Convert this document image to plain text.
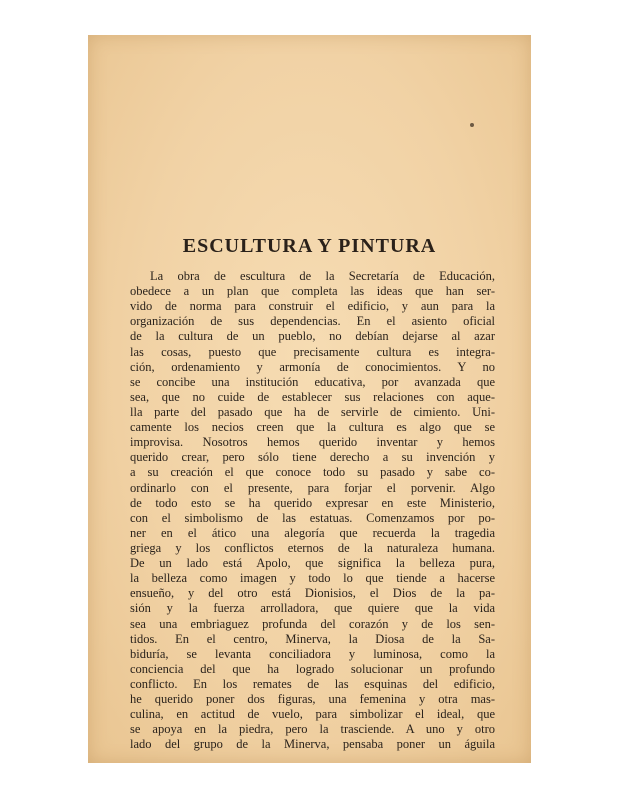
ESCULTURA Y PINTURA
La obra de escultura de la Secretaría de Educación,
obedece a un plan que completa las ideas que han ser-
vido de norma para construir el edificio, y aun para la
organización de sus dependencias. En el asiento oficial
de la cultura de un pueblo, no debían dejarse al azar
las cosas, puesto que precisamente cultura es integra-
ción, ordenamiento y armonía de conocimientos. Y no
se concibe una institución educativa, por avanzada que
sea, que no cuide de establecer sus relaciones con aque-
lla parte del pasado que ha de servirle de cimiento. Uni-
camente los necios creen que la cultura es algo que se
improvisa. Nosotros hemos querido inventar y hemos
querido crear, pero sólo tiene derecho a su invención y
a su creación el que conoce todo su pasado y sabe co-
ordinarlo con el presente, para forjar el porvenir. Algo
de todo esto se ha querido expresar en este Ministerio,
con el simbolismo de las estatuas. Comenzamos por po-
ner en el ático una alegoría que recuerda la tragedia
griega y los conflictos eternos de la naturaleza humana.
De un lado está Apolo, que significa la belleza pura,
la belleza como imagen y todo lo que tiende a hacerse
ensueño, y del otro está Dionisios, el Dios de la pa-
sión y la fuerza arrolladora, que quiere que la vida
sea una embriaguez profunda del corazón y de los sen-
tidos. En el centro, Minerva, la Diosa de la Sa-
biduría, se levanta conciliadora y luminosa, como la
conciencia del que ha logrado solucionar un profundo
conflicto. En los remates de las esquinas del edificio,
he querido poner dos figuras, una femenina y otra mas-
culina, en actitud de vuelo, para simbolizar el ideal, que
se apoya en la piedra, pero la trasciende. A uno y otro
lado del grupo de la Minerva, pensaba poner un águila
